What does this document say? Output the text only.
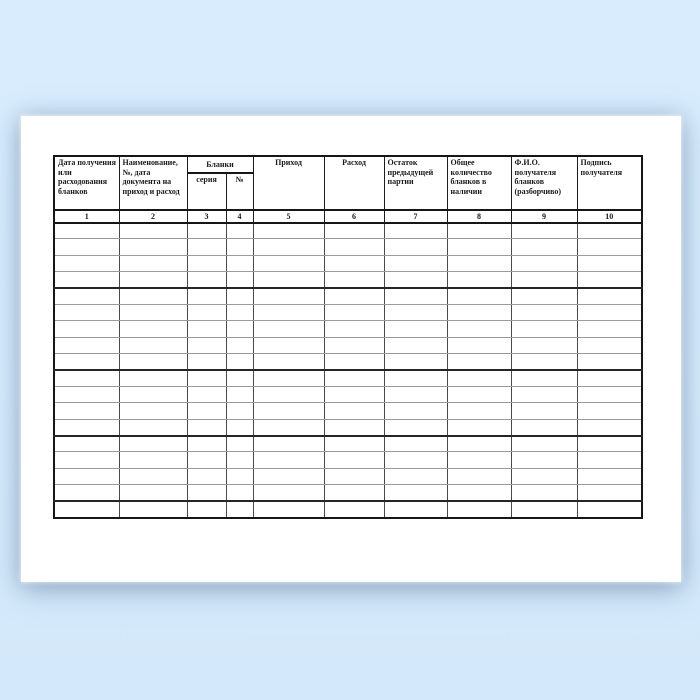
Дата получения или расходования бланков	Наименование, №, дата документа на приход и расход	Бланки		Приход	Расход	Остаток предыдущей партии	Общее количество бланков в наличии	Ф.И.О. получателя бланков (разборчиво)	Подпись получателя
		серия	№						
1	2	3	4	5	6	7	8	9	10
